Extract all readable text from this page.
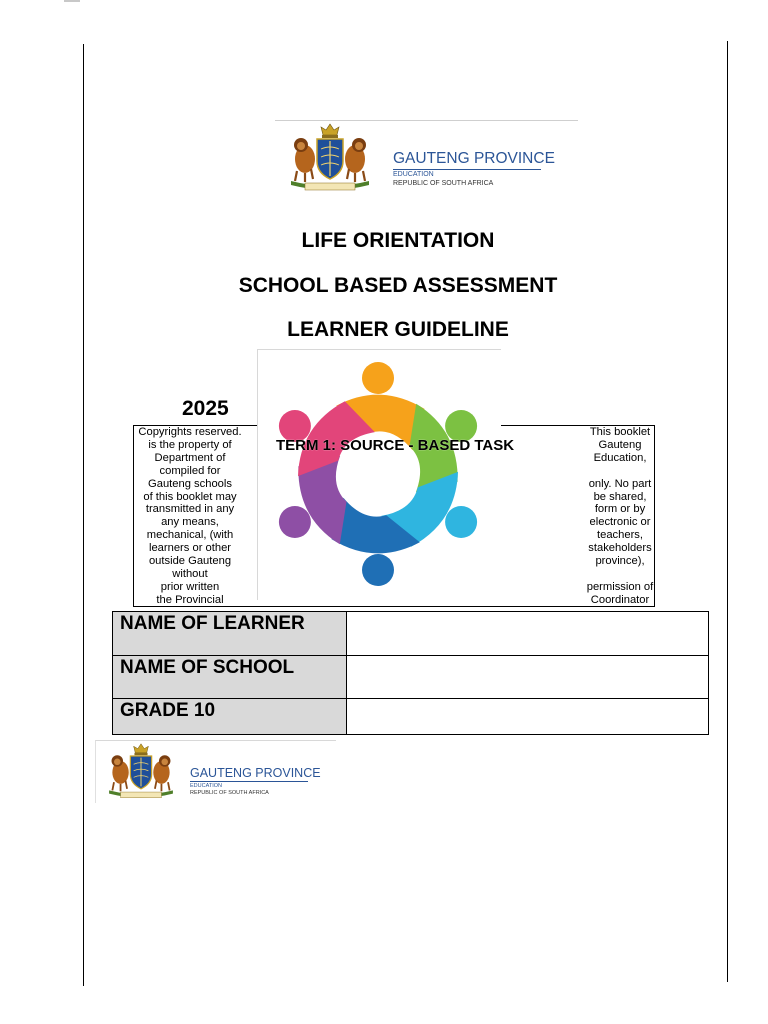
GAUTENG PROVINCE
EDUCATION
REPUBLIC OF SOUTH AFRICA
LIFE ORIENTATION
SCHOOL BASED ASSESSMENT
LEARNER GUIDELINE
2025
Copyrights reserved.
is the property of
Department of
compiled for
Gauteng schools
of this booklet may
transmitted in any
any means,
mechanical, (with
learners or other
outside Gauteng
without
prior written
the Provincial
This booklet
Gauteng
Education,
only. No part
be shared,
form or by
electronic or
teachers,
stakeholders
province),
permission of
Coordinator
TERM 1: SOURCE - BASED TASK
NAME OF LEARNER	
NAME OF SCHOOL	
GRADE 10	
GAUTENG PROVINCE
EDUCATION
REPUBLIC OF SOUTH AFRICA
